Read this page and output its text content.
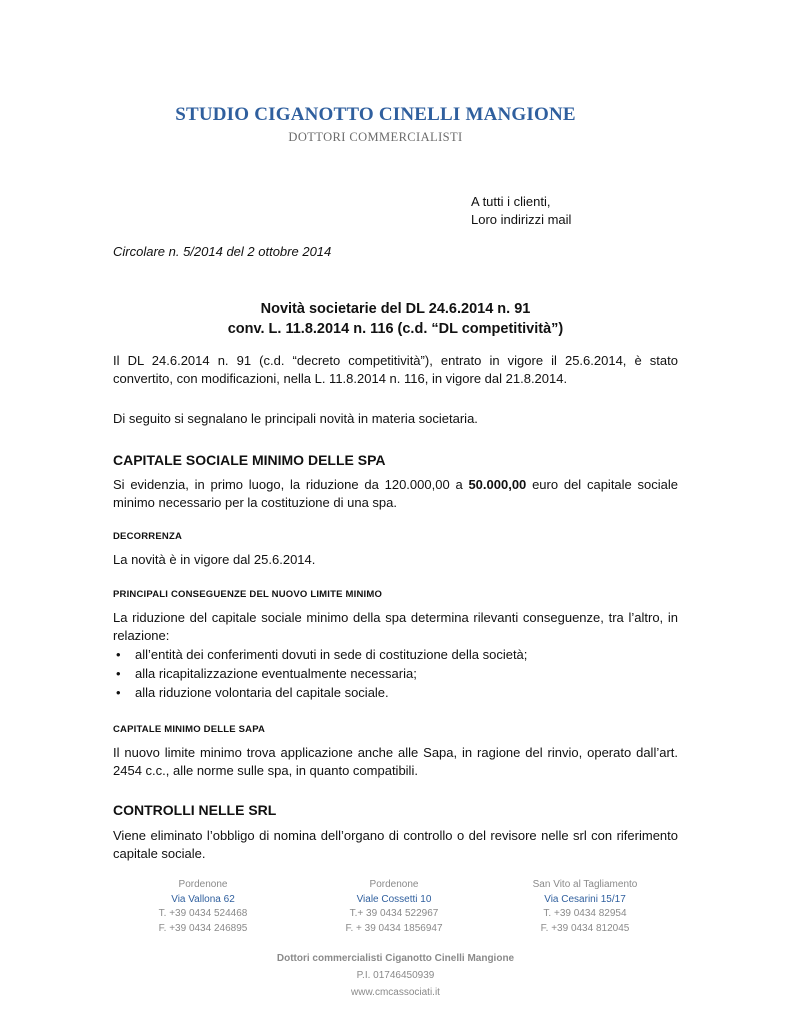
STUDIO CIGANOTTO CINELLI MANGIONE
DOTTORI COMMERCIALISTI
A tutti i clienti,
Loro indirizzi mail
Circolare n. 5/2014 del 2 ottobre 2014
Novità societarie del DL 24.6.2014 n. 91
conv. L. 11.8.2014 n. 116 (c.d. “DL competitività”)
Il DL 24.6.2014 n. 91 (c.d. “decreto competitività”), entrato in vigore il 25.6.2014, è stato convertito, con modificazioni, nella L. 11.8.2014 n. 116, in vigore dal 21.8.2014.
Di seguito si segnalano le principali novità in materia societaria.
CAPITALE SOCIALE MINIMO DELLE SPA
Si evidenzia, in primo luogo, la riduzione da 120.000,00 a 50.000,00 euro del capitale sociale minimo necessario per la costituzione di una spa.
DECORRENZA
La novità è in vigore dal 25.6.2014.
PRINCIPALI CONSEGUENZE DEL NUOVO LIMITE MINIMO
La riduzione del capitale sociale minimo della spa determina rilevanti conseguenze, tra l’altro, in relazione:
• all’entità dei conferimenti dovuti in sede di costituzione della società;
• alla ricapitalizzazione eventualmente necessaria;
• alla riduzione volontaria del capitale sociale.
CAPITALE MINIMO DELLE SAPA
Il nuovo limite minimo trova applicazione anche alle Sapa, in ragione del rinvio, operato dall’art. 2454 c.c., alle norme sulle spa, in quanto compatibili.
CONTROLLI NELLE SRL
Viene eliminato l’obbligo di nomina dell’organo di controllo o del revisore nelle srl con riferimento capitale sociale.
Pordenone
Via Vallona 62
T. +39 0434 524468
F. +39 0434 246895
Pordenone
Viale Cossetti 10
T.+ 39 0434 522967
F. + 39 0434 1856947
San Vito al Tagliamento
Via Cesarini 15/17
T. +39 0434 82954
F. +39 0434 812045
Dottori commercialisti Ciganotto Cinelli Mangione
P.I. 01746450939
www.cmcassociati.it
